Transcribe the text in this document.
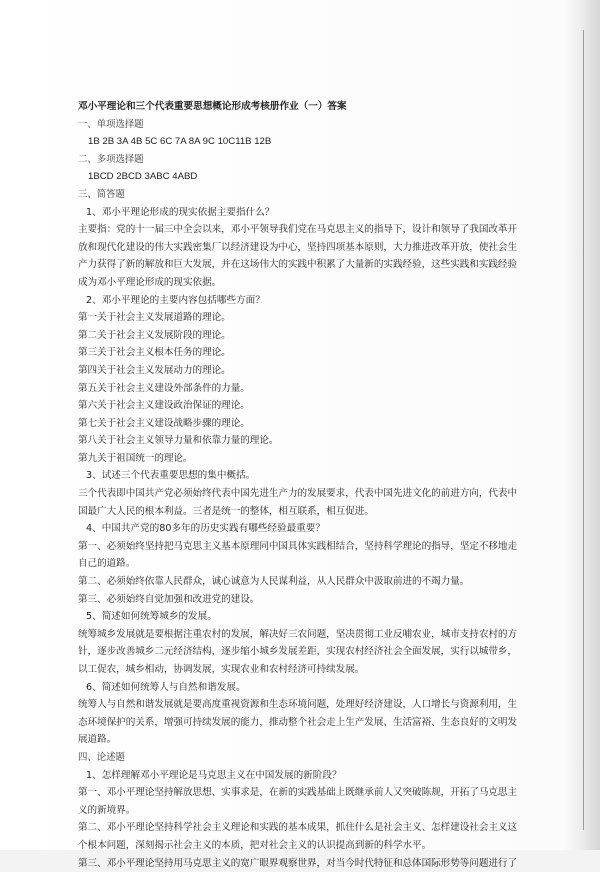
邓小平理论和三个代表重要思想概论形成考核册作业（一）答案
一、单项选择题
1B 2B 3A 4B 5C 6C 7A 8A 9C 10C11B 12B
二、多项选择题
1BCD 2BCD 3ABC 4ABD
三、简答题
1、邓小平理论形成的现实依据主要指什么？
主要指：党的十一届三中全会以来，邓小平领导我们党在马克思主义的指导下，设计和领导了我国改革开
放和现代化建设的伟大实践密集厂以经济建设为中心，坚持四项基本原则，大力推进改革开放，使社会生
产力获得了新的解放和巨大发展，并在这场伟大的实践中积累了大量新的实践经验，这些实践和实践经验
成为邓小平理论形成的现实依据。
2、邓小平理论的主要内容包括哪些方面？
第一关于社会主义发展道路的理论。
第二关于社会主义发展阶段的理论。
第三关于社会主义根本任务的理论。
第四关于社会主义发展动力的理论。
第五关于社会主义建设外部条件的力量。
第六关于社会主义建设政治保证的理论。
第七关于社会主义建设战略步骤的理论。
第八关于社会主义领导力量和依靠力量的理论。
第九关于祖国统一的理论。
3、试述三个代表重要思想的集中概括。
三个代表即中国共产党必须始终代表中国先进生产力的发展要求，代表中国先进文化的前进方向，代表中
国最广大人民的根本利益。三者是统一的整体，相互联系，相互促进。
4、中国共产党的80多年的历史实践有哪些经验最重要？
第一、必须始终坚持把马克思主义基本原理同中国具体实践相结合，坚持科学理论的指导，坚定不移地走
自己的道路。
第二、必须始终依靠人民群众，诚心诚意为人民谋利益，从人民群众中汲取前进的不竭力量。
第三、必须始终自觉加强和改进党的建设。
5、简述如何统筹城乡的发展。
统筹城乡发展就是要根据注重农村的发展，解决好三农问题，坚决贯彻工业反哺农业，城市支持农村的方
针，逐步改善城乡二元经济结构，逐步缩小城乡发展差距，实现农村经济社会全面发展，实行以城带乡，
以工促农，城乡相动，协调发展，实现农业和农村经济可持续发展。
6、简述如何统筹人与自然和谐发展。
统筹人与自然和谐发展就是要高度重视资源和生态环境问题，处理好经济建设，人口增长与资源利用，生
态环境保护的关系，增强可持续发展的能力，推动整个社会走上生产发展、生活富裕、生态良好的文明发
展道路。
四、论述题
1、怎样理解邓小平理论是马克思主义在中国发展的新阶段？
第一、邓小平理论坚持解放思想、实事求是，在新的实践基础上既继承前人又突破陈规，开拓了马克思主
义的新境界。
第二、邓小平理论坚持科学社会主义理论和实践的基本成果，抓住什么是社会主义、怎样建设社会主义这
个根本问题，深刻揭示社会主义的本质，把对社会主义的认识提高到新的科学水平。
第三、邓小平理论坚持用马克思主义的宽广眼界观察世界，对当今时代特征和总体国际形势等问题进行了
